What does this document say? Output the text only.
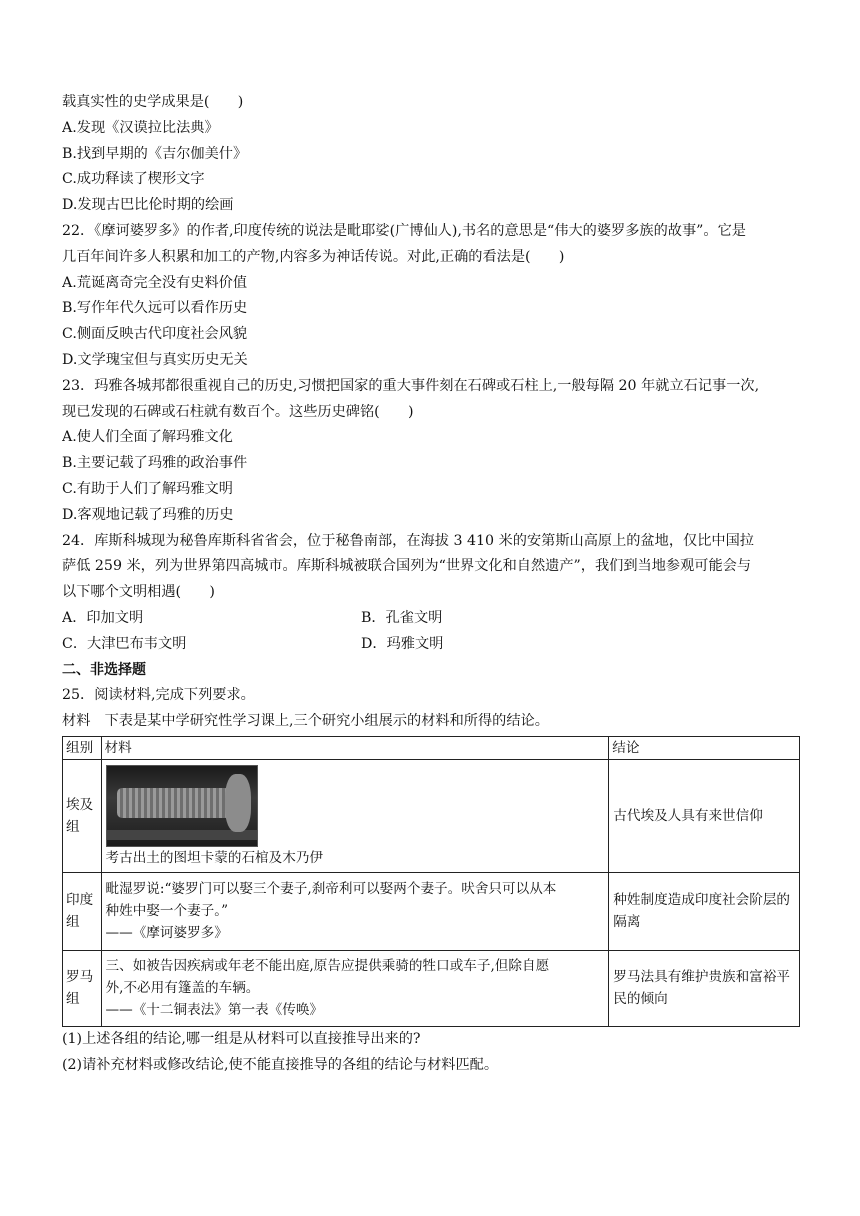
载真实性的史学成果是(　　)
A.发现《汉谟拉比法典》
B.找到早期的《吉尔伽美什》
C.成功释读了楔形文字
D.发现古巴比伦时期的绘画
22．《摩诃婆罗多》的作者,印度传统的说法是毗耶娑(广博仙人),书名的意思是“伟大的婆罗多族的故事”。它是
几百年间许多人积累和加工的产物,内容多为神话传说。对此,正确的看法是(　　)
A.荒诞离奇完全没有史料价值
B.写作年代久远可以看作历史
C.侧面反映古代印度社会风貌
D.文学瑰宝但与真实历史无关
23．玛雅各城邦都很重视自己的历史,习惯把国家的重大事件刻在石碑或石柱上,一般每隔 20 年就立石记事一次,
现已发现的石碑或石柱就有数百个。这些历史碑铭(　　)
A.使人们全面了解玛雅文化
B.主要记载了玛雅的政治事件
C.有助于人们了解玛雅文明
D.客观地记载了玛雅的历史
24．库斯科城现为秘鲁库斯科省省会，位于秘鲁南部，在海拔 3 410 米的安第斯山高原上的盆地，仅比中国拉
萨低 259 米，列为世界第四高城市。库斯科城被联合国列为“世界文化和自然遗产”，我们到当地参观可能会与
以下哪个文明相遇(　　)
A．印加文明	B．孔雀文明
C．大津巴布韦文明	D．玛雅文明
二、非选择题
25．阅读材料,完成下列要求。
材料　下表是某中学研究性学习课上,三个研究小组展示的材料和所得的结论。
组别	材料	结论
埃及组	考古出土的图坦卡蒙的石棺及木乃伊	古代埃及人具有来世信仰
印度组	毗湿罗说:“婆罗门可以娶三个妻子,刹帝利可以娶两个妻子。吠舍只可以从本
种姓中娶一个妻子。”
——《摩诃婆罗多》	种姓制度造成印度社会阶层的隔离
罗马组	三、如被告因疾病或年老不能出庭,原告应提供乘骑的牲口或车子,但除自愿
外,不必用有篷盖的车辆。
——《十二铜表法》第一表《传唤》	罗马法具有维护贵族和富裕平民的倾向
(1)上述各组的结论,哪一组是从材料可以直接推导出来的?
(2)请补充材料或修改结论,使不能直接推导的各组的结论与材料匹配。
